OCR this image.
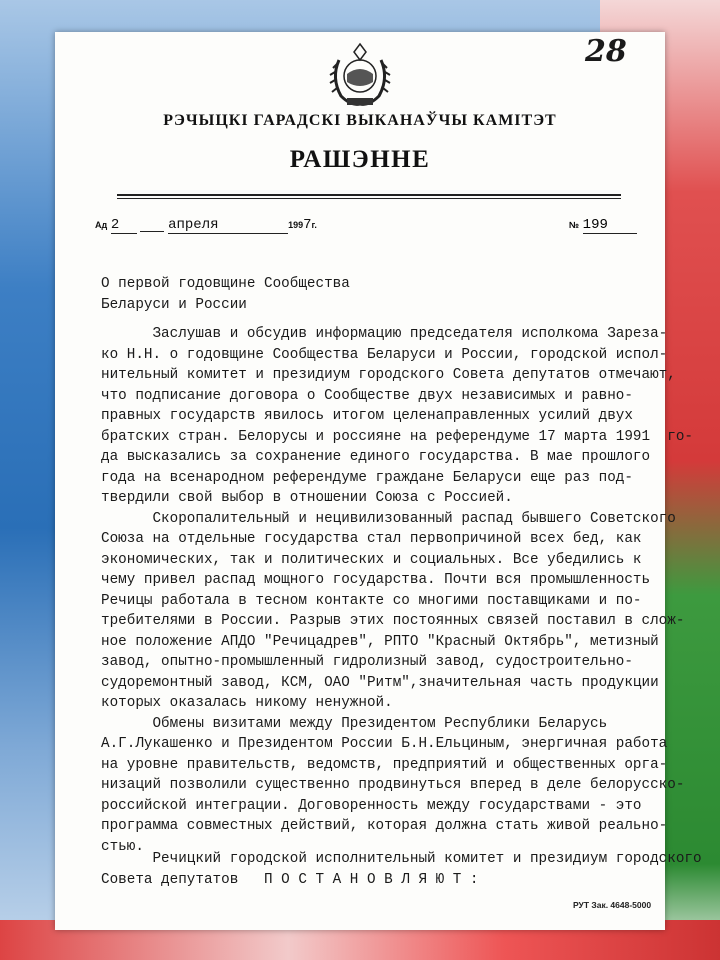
28
РЭЧЫЦКI ГАРАДСКI ВЫКАНАЎЧЫ КАМIТЭТ
РАШЭННЕ
Ад 2	апреля	1997г.	№ 199
О первой годовщине Сообщества
Беларуси и России
Заслушав и обсудив информацию председателя исполкома Зареза-
ко Н.Н. о годовщине Сообщества Беларуси и России, городской испол-
нительный комитет и президиум городского Совета депутатов отмечают,
что подписание договора о Сообществе двух независимых и равно-
правных государств явилось итогом целенаправленных усилий двух
братских стран. Белорусы и россияне на референдуме 17 марта 1991  го-
да высказались за сохранение единого государства. В мае прошлого
года на всенародном референдуме граждане Беларуси еще раз под-
твердили свой выбор в отношении Союза с Россией.
Скоропалительный и нецивилизованный распад бывшего Советского
Союза на отдельные государства стал первопричиной всех бед, как
экономических, так и политических и социальных. Все убедились к
чему привел распад мощного государства. Почти вся промышленность
Речицы работала в тесном контакте со многими поставщиками и по-
требителями в России. Разрыв этих постоянных связей поставил в слож-
ное положение АПДО "Речицадрев", РПТО "Красный Октябрь", метизный
завод, опытно-промышленный гидролизный завод, судостроительно-
судоремонтный завод, КСМ, ОАО "Ритм",значительная часть продукции
которых оказалась никому ненужной.
Обмены визитами между Президентом Республики Беларусь
А.Г.Лукашенко и Президентом России Б.Н.Ельциным, энергичная работа
на уровне правительств, ведомств, предприятий и общественных орга-
низаций позволили существенно продвинуться вперед в деле белорусско-
российской интеграции. Договоренность между государствами - это
программа совместных действий, которая должна стать живой реально-
стью.
Речицкий городской исполнительный комитет и президиум городского
Совета депутатов   П О С Т А Н О В Л Я Ю Т :
РУТ Зак. 4648-5000
